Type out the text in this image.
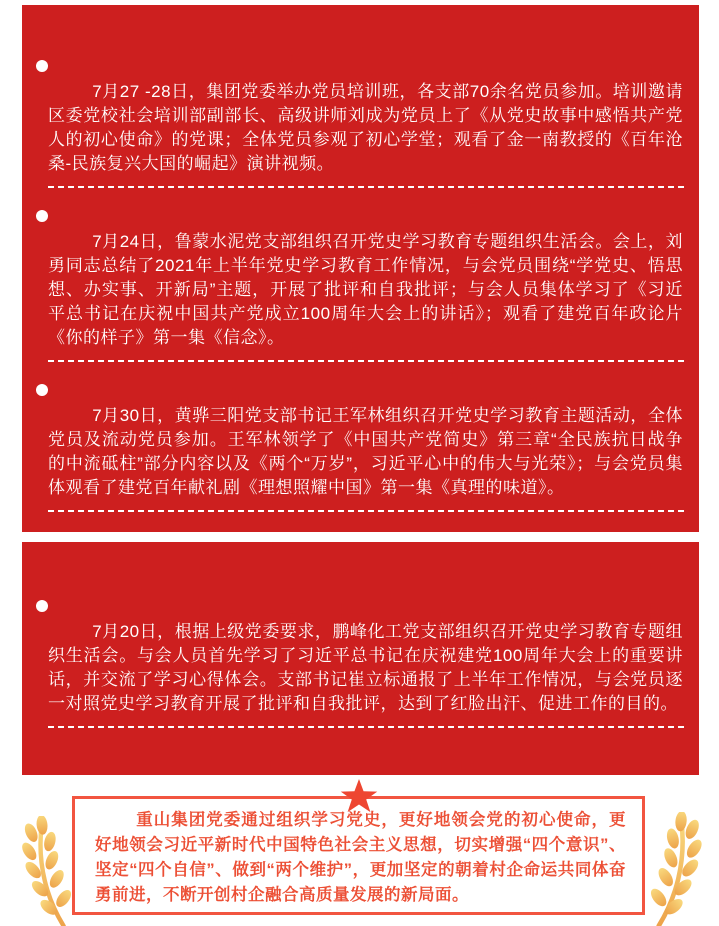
7月27 -28日，集团党委举办党员培训班，各支部70余名党员参加。培训邀请区委党校社会培训部副部长、高级讲师刘成为党员上了《从党史故事中感悟共产党人的初心使命》的党课；全体党员参观了初心学堂；观看了金一南教授的《百年沧桑-民族复兴大国的崛起》演讲视频。

7月24日，鲁蒙水泥党支部组织召开党史学习教育专题组织生活会。会上，刘勇同志总结了2021年上半年党史学习教育工作情况，与会党员围绕“学党史、悟思想、办实事、开新局”主题，开展了批评和自我批评；与会人员集体学习了《习近平总书记在庆祝中国共产党成立100周年大会上的讲话》；观看了建党百年政论片《你的样子》第一集《信念》。

7月30日，黄骅三阳党支部书记王军林组织召开党史学习教育主题活动，全体党员及流动党员参加。王军林领学了《中国共产党简史》第三章“全民族抗日战争的中流砥柱”部分内容以及《两个“万岁”，习近平心中的伟大与光荣》；与会党员集体观看了建党百年献礼剧《理想照耀中国》第一集《真理的味道》。

7月20日，根据上级党委要求，鹏峰化工党支部组织召开党史学习教育专题组织生活会。与会人员首先学习了习近平总书记在庆祝建党100周年大会上的重要讲话，并交流了学习心得体会。支部书记崔立标通报了上半年工作情况，与会党员逐一对照党史学习教育开展了批评和自我批评，达到了红脸出汗、促进工作的目的。

重山集团党委通过组织学习党史，更好地领会党的初心使命，更好地领会习近平新时代中国特色社会主义思想，切实增强“四个意识”、坚定“四个自信”、做到“两个维护”，更加坚定的朝着村企命运共同体奋勇前进，不断开创村企融合高质量发展的新局面。
